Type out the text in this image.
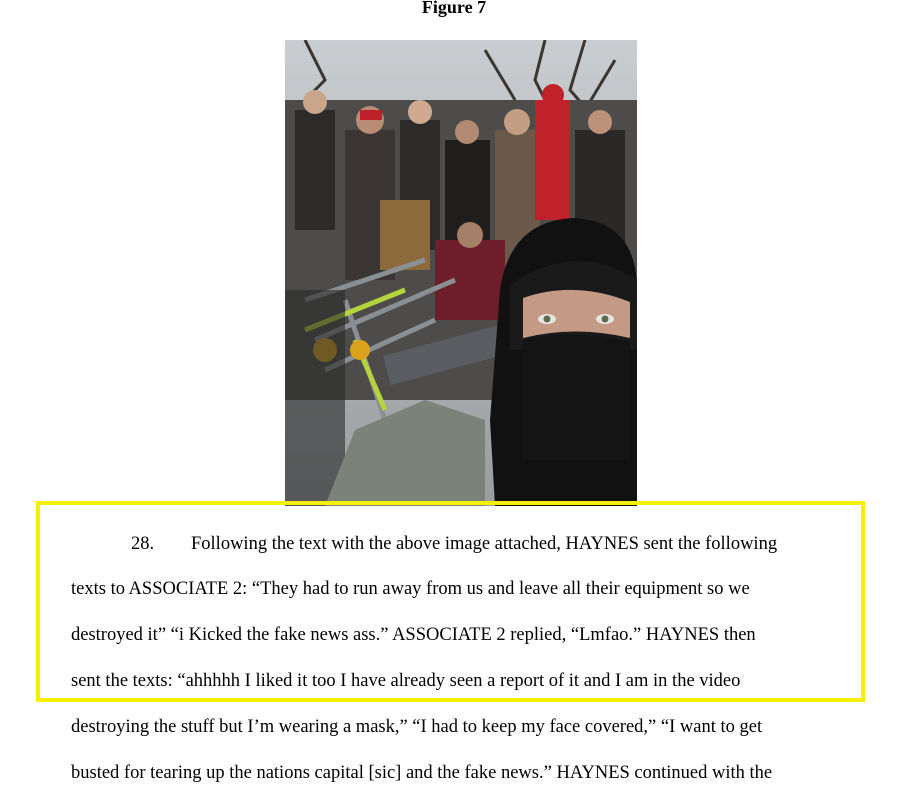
Figure 7
28. Following the text with the above image attached, HAYNES sent the following
texts to ASSOCIATE 2: “They had to run away from us and leave all their equipment so we
destroyed it” “i Kicked the fake news ass.” ASSOCIATE 2 replied, “Lmfao.” HAYNES then
sent the texts: “ahhhhh I liked it too I have already seen a report of it and I am in the video
destroying the stuff but I’m wearing a mask,” “I had to keep my face covered,” “I want to get
busted for tearing up the nations capital [sic] and the fake news.” HAYNES continued with the
